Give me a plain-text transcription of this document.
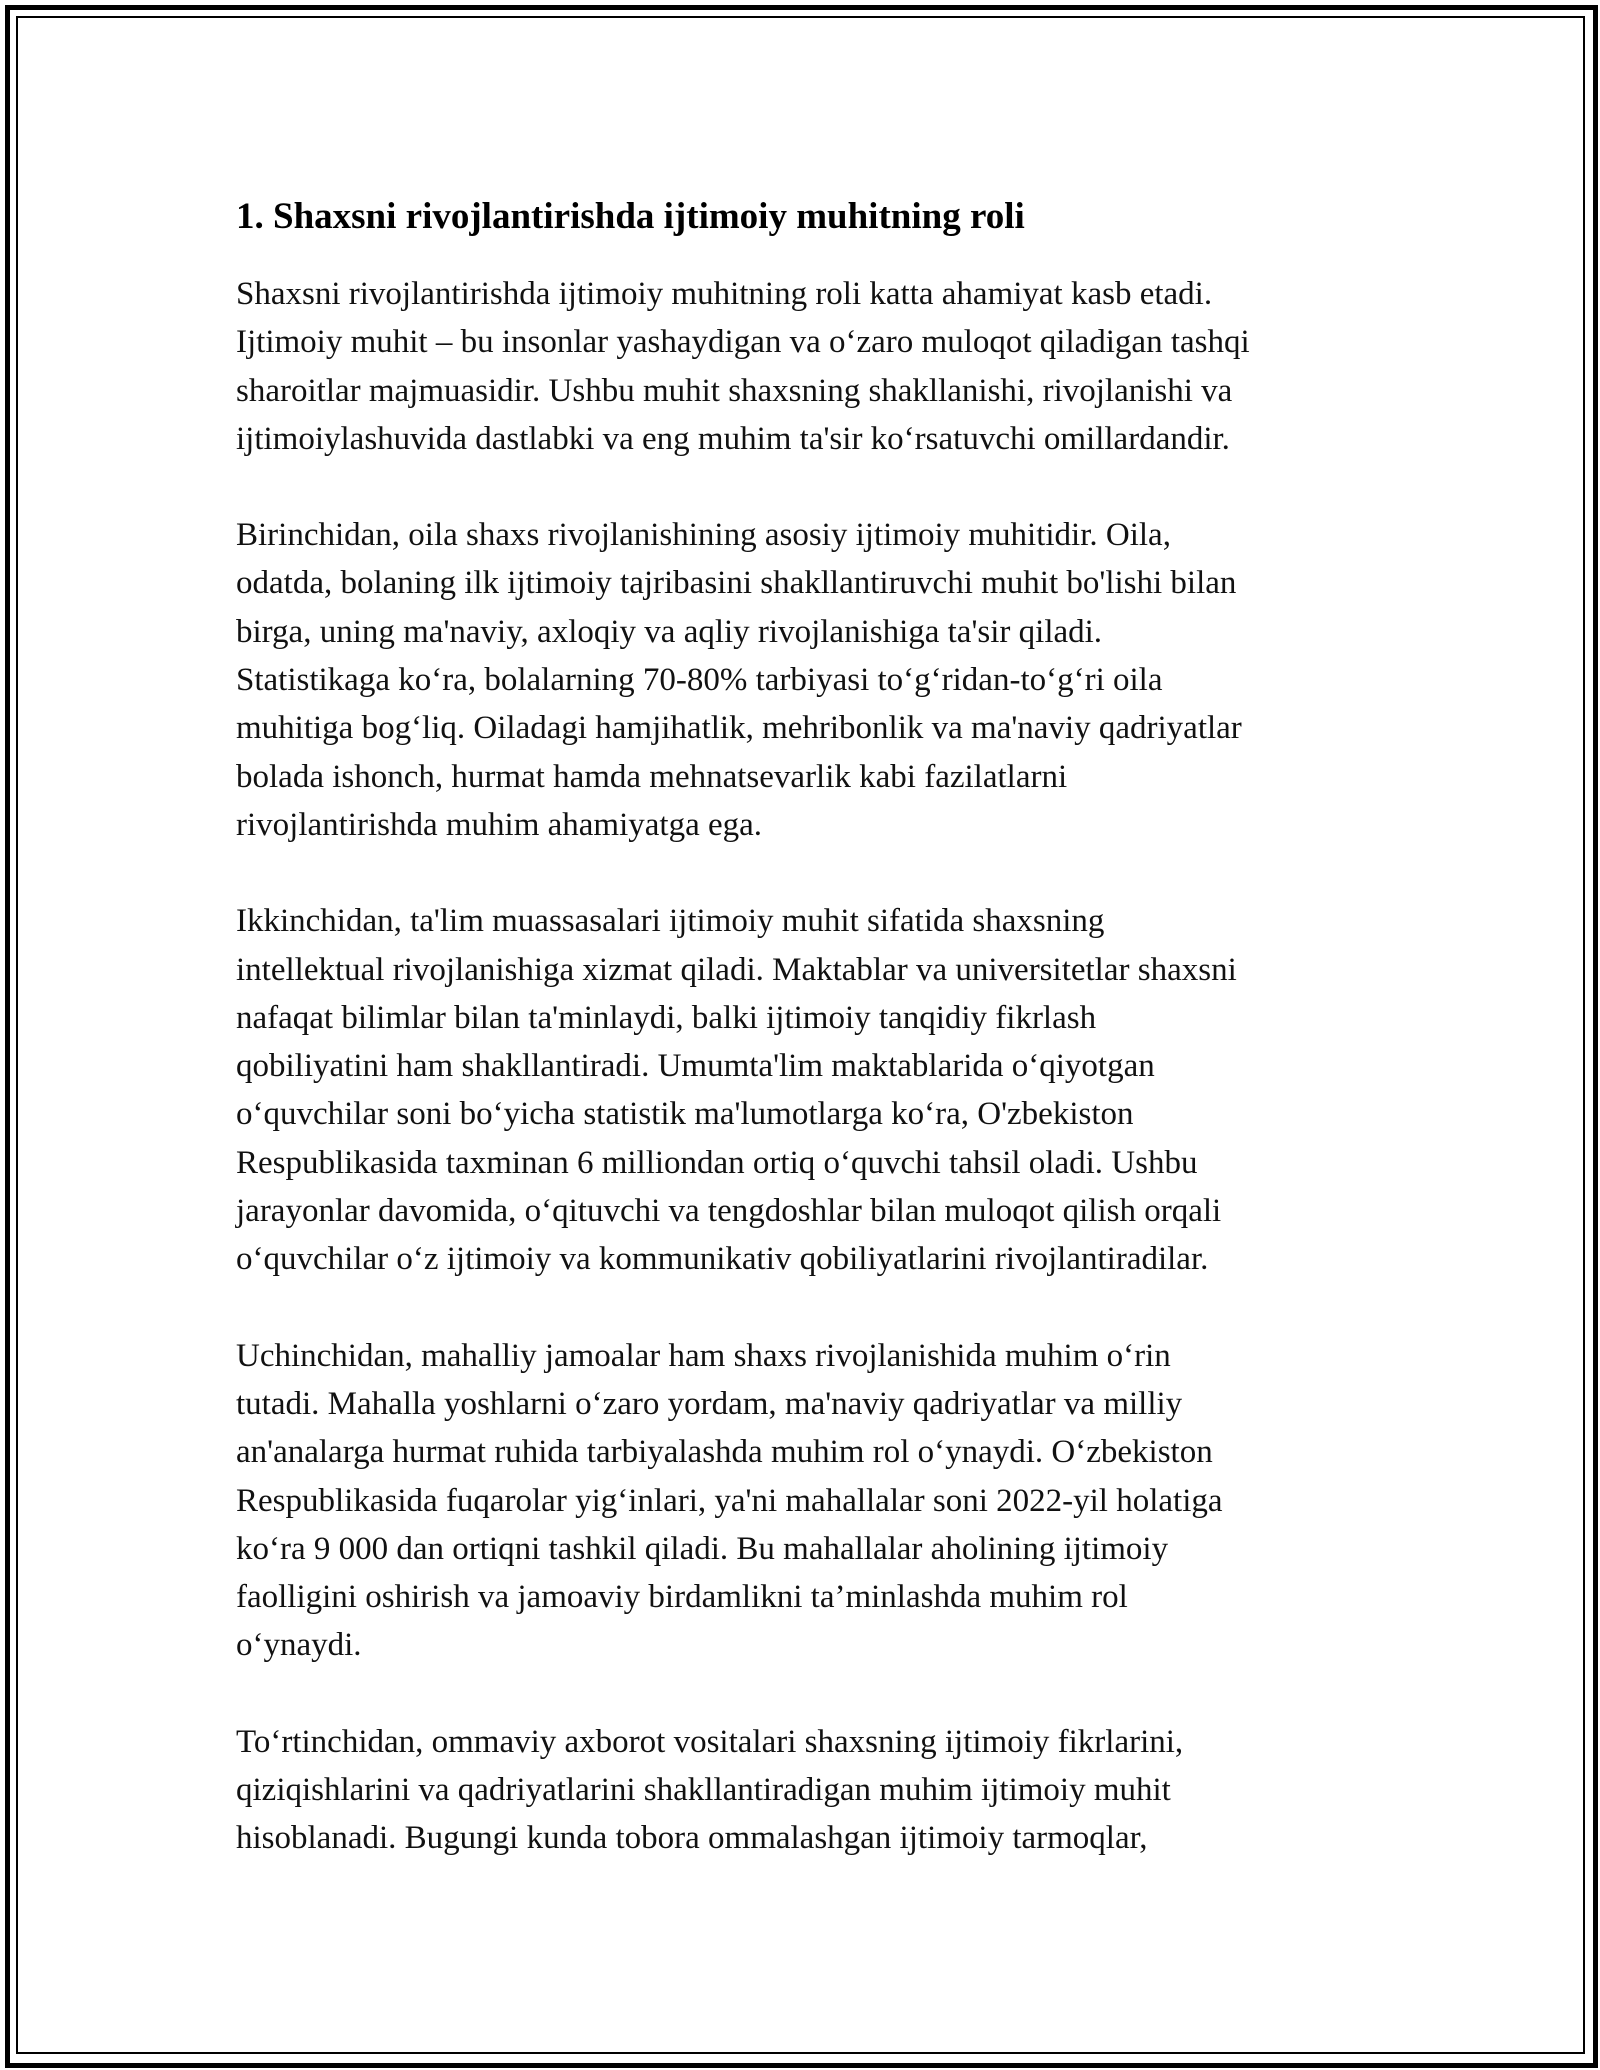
1. Shaxsni rivojlantirishda ijtimoiy muhitning roli

Shaxsni rivojlantirishda ijtimoiy muhitning roli katta ahamiyat kasb etadi.
Ijtimoiy muhit – bu insonlar yashaydigan va o‘zaro muloqot qiladigan tashqi
sharoitlar majmuasidir. Ushbu muhit shaxsning shakllanishi, rivojlanishi va
ijtimoiylashuvida dastlabki va eng muhim ta'sir ko‘rsatuvchi omillardandir.

Birinchidan, oila shaxs rivojlanishining asosiy ijtimoiy muhitidir. Oila,
odatda, bolaning ilk ijtimoiy tajribasini shakllantiruvchi muhit bo'lishi bilan
birga, uning ma'naviy, axloqiy va aqliy rivojlanishiga ta'sir qiladi.
Statistikaga ko‘ra, bolalarning 70-80% tarbiyasi to‘g‘ridan-to‘g‘ri oila
muhitiga bog‘liq. Oiladagi hamjihatlik, mehribonlik va ma'naviy qadriyatlar
bolada ishonch, hurmat hamda mehnatsevarlik kabi fazilatlarni
rivojlantirishda muhim ahamiyatga ega.

Ikkinchidan, ta'lim muassasalari ijtimoiy muhit sifatida shaxsning
intellektual rivojlanishiga xizmat qiladi. Maktablar va universitetlar shaxsni
nafaqat bilimlar bilan ta'minlaydi, balki ijtimoiy tanqidiy fikrlash
qobiliyatini ham shakllantiradi. Umumta'lim maktablarida o‘qiyotgan
o‘quvchilar soni bo‘yicha statistik ma'lumotlarga ko‘ra, O'zbekiston
Respublikasida taxminan 6 milliondan ortiq o‘quvchi tahsil oladi. Ushbu
jarayonlar davomida, o‘qituvchi va tengdoshlar bilan muloqot qilish orqali
o‘quvchilar o‘z ijtimoiy va kommunikativ qobiliyatlarini rivojlantiradilar.

Uchinchidan, mahalliy jamoalar ham shaxs rivojlanishida muhim o‘rin
tutadi. Mahalla yoshlarni o‘zaro yordam, ma'naviy qadriyatlar va milliy
an'analarga hurmat ruhida tarbiyalashda muhim rol o‘ynaydi. O‘zbekiston
Respublikasida fuqarolar yig‘inlari, ya'ni mahallalar soni 2022-yil holatiga
ko‘ra 9 000 dan ortiqni tashkil qiladi. Bu mahallalar aholining ijtimoiy
faolligini oshirish va jamoaviy birdamlikni ta’minlashda muhim rol
o‘ynaydi.

To‘rtinchidan, ommaviy axborot vositalari shaxsning ijtimoiy fikrlarini,
qiziqishlarini va qadriyatlarini shakllantiradigan muhim ijtimoiy muhit
hisoblanadi. Bugungi kunda tobora ommalashgan ijtimoiy tarmoqlar,
